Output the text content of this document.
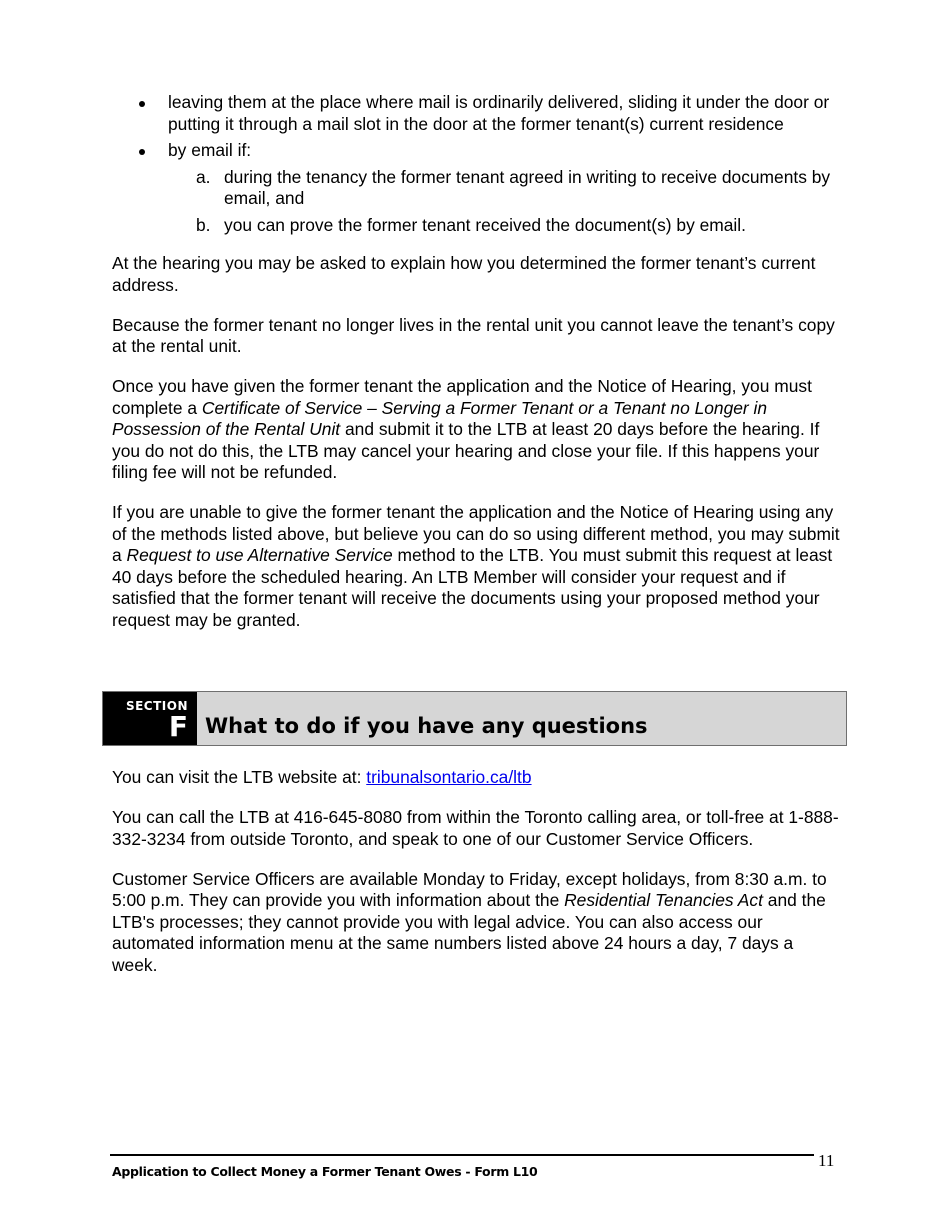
leaving them at the place where mail is ordinarily delivered, sliding it under the door or putting it through a mail slot in the door at the former tenant(s) current residence
by email if:
a. during the tenancy the former tenant agreed in writing to receive documents by email, and
b. you can prove the former tenant received the document(s) by email.

At the hearing you may be asked to explain how you determined the former tenant’s current address.

Because the former tenant no longer lives in the rental unit you cannot leave the tenant’s copy at the rental unit.

Once you have given the former tenant the application and the Notice of Hearing, you must complete a Certificate of Service – Serving a Former Tenant or a Tenant no Longer in Possession of the Rental Unit and submit it to the LTB at least 20 days before the hearing. If you do not do this, the LTB may cancel your hearing and close your file. If this happens your filing fee will not be refunded.

If you are unable to give the former tenant the application and the Notice of Hearing using any of the methods listed above, but believe you can do so using different method, you may submit a Request to use Alternative Service method to the LTB. You must submit this request at least 40 days before the scheduled hearing. An LTB Member will consider your request and if satisfied that the former tenant will receive the documents using your proposed method your request may be granted.

SECTION
F What to do if you have any questions

You can visit the LTB website at: tribunalsontario.ca/ltb

You can call the LTB at 416-645-8080 from within the Toronto calling area, or toll-free at 1-888-332-3234 from outside Toronto, and speak to one of our Customer Service Officers.

Customer Service Officers are available Monday to Friday, except holidays, from 8:30 a.m. to 5:00 p.m. They can provide you with information about the Residential Tenancies Act and the LTB's processes; they cannot provide you with legal advice. You can also access our automated information menu at the same numbers listed above 24 hours a day, 7 days a week.

Application to Collect Money a Former Tenant Owes - Form L10
11
